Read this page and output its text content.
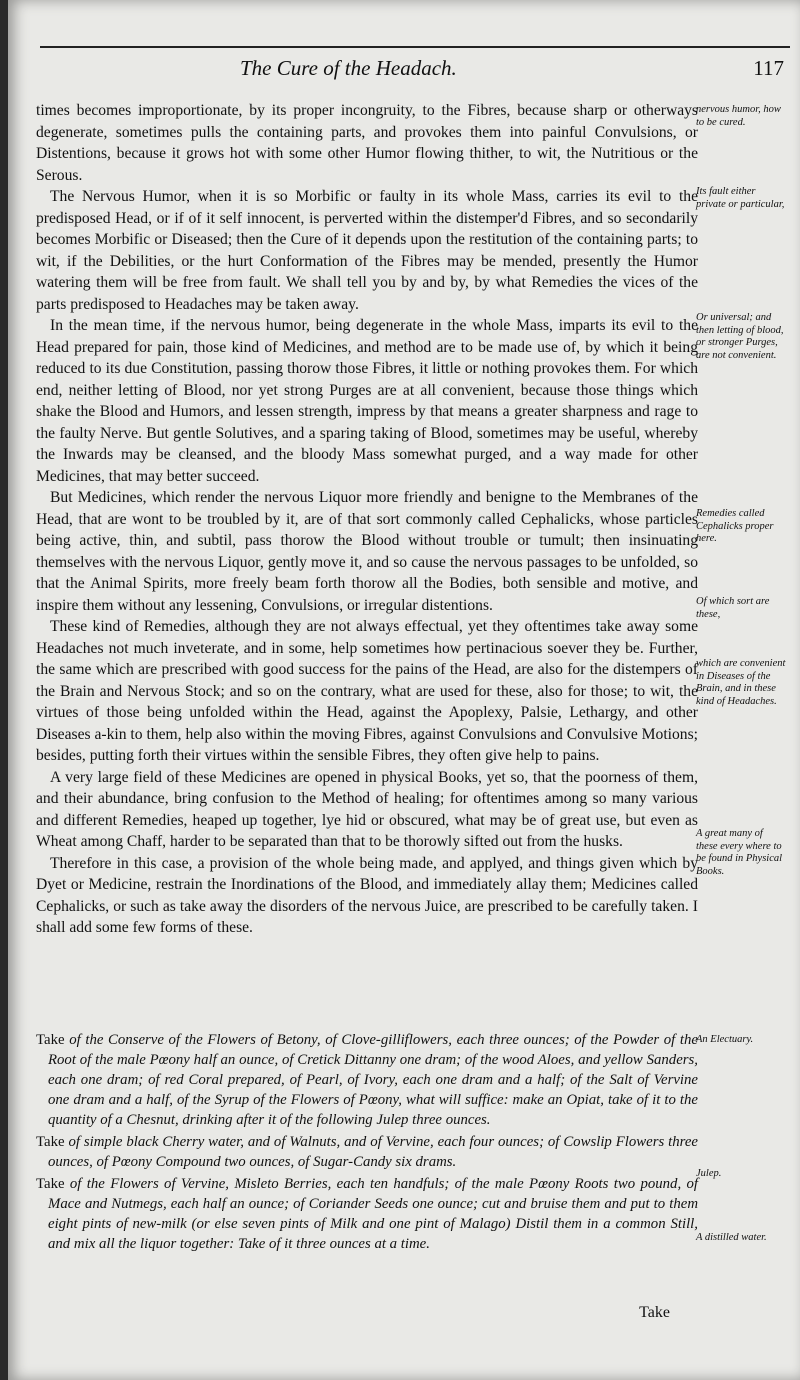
The Cure of the Headach.	117

times becomes improportionate, by its proper incongruity, to the Fibres, because sharp or otherways degenerate, sometimes pulls the containing parts, and provokes them into painful Convulsions, or Distentions, because it grows hot with some other Humor flowing thither, to wit, the Nutritious or the Serous.

The Nervous Humor, when it is so Morbific or faulty in its whole Mass, carries its evil to the predisposed Head, or if of it self innocent, is perverted within the distemper'd Fibres, and so secondarily becomes Morbific or Diseased; then the Cure of it depends upon the restitution of the containing parts; to wit, if the Debilities, or the hurt Conformation of the Fibres may be mended, presently the Humor watering them will be free from fault. We shall tell you by and by, by what Remedies the vices of the parts predisposed to Headaches may be taken away.

In the mean time, if the nervous humor, being degenerate in the whole Mass, imparts its evil to the Head prepared for pain, those kind of Medicines, and method are to be made use of, by which it being reduced to its due Constitution, passing thorow those Fibres, it little or nothing provokes them. For which end, neither letting of Blood, nor yet strong Purges are at all convenient, because those things which shake the Blood and Humors, and lessen strength, impress by that means a greater sharpness and rage to the faulty Nerve. But gentle Solutives, and a sparing taking of Blood, sometimes may be useful, whereby the Inwards may be cleansed, and the bloody Mass somewhat purged, and a way made for other Medicines, that may better succeed.

But Medicines, which render the nervous Liquor more friendly and benigne to the Membranes of the Head, that are wont to be troubled by it, are of that sort commonly called Cephalicks, whose particles being active, thin, and subtil, pass thorow the Blood without trouble or tumult; then insinuating themselves with the nervous Liquor, gently move it, and so cause the nervous passages to be unfolded, so that the Animal Spirits, more freely beam forth thorow all the Bodies, both sensible and motive, and inspire them without any lessening, Convulsions, or irregular distentions.

These kind of Remedies, although they are not always effectual, yet they oftentimes take away some Headaches not much inveterate, and in some, help sometimes how pertinacious soever they be. Further, the same which are prescribed with good success for the pains of the Head, are also for the distempers of the Brain and Nervous Stock; and so on the contrary, what are used for these, also for those; to wit, the virtues of those being unfolded within the Head, against the Apoplexy, Palsie, Lethargy, and other Diseases a-kin to them, help also within the moving Fibres, against Convulsions and Convulsive Motions; besides, putting forth their virtues within the sensible Fibres, they often give help to pains.

A very large field of these Medicines are opened in physical Books, yet so, that the poorness of them, and their abundance, bring confusion to the Method of healing; for oftentimes among so many various and different Remedies, heaped up together, lye hid or obscured, what may be of great use, but even as Wheat among Chaff, harder to be separated than that to be thorowly sifted out from the husks.

Therefore in this case, a provision of the whole being made, and applyed, and things given which by Dyet or Medicine, restrain the Inordinations of the Blood, and immediately allay them; Medicines called Cephalicks, or such as take away the disorders of the nervous Juice, are prescribed to be carefully taken. I shall add some few forms of these.

nervous humor, how to be cured.
Its fault either private or particular,
Or universal; and then letting of blood, or stronger Purges, are not convenient.
Remedies called Cephalicks proper here.
Of which sort are these,
which are convenient in Diseases of the Brain, and in these kind of Headaches.
A great many of these every where to be found in Physical Books.
An Electuary.
Julep.
A distilled water.

Take of the Conserve of the Flowers of Betony, of Clove-gilliflowers, each three ounces; of the Powder of the Root of the male Pœony half an ounce, of Cretick Dittanny one dram; of the wood Aloes, and yellow Sanders, each one dram; of red Coral prepared, of Pearl, of Ivory, each one dram and a half; of the Salt of Vervine one dram and a half, of the Syrup of the Flowers of Pœony, what will suffice: make an Opiat, take of it to the quantity of a Chesnut, drinking after it of the following Julep three ounces.

Take of simple black Cherry water, and of Walnuts, and of Vervine, each four ounces; of Cowslip Flowers three ounces, of Pœony Compound two ounces, of Sugar-Candy six drams.

Take of the Flowers of Vervine, Misleto Berries, each ten handfuls; of the male Pœony Roots two pound, of Mace and Nutmegs, each half an ounce; of Coriander Seeds one ounce; cut and bruise them and put to them eight pints of new-milk (or else seven pints of Milk and one pint of Malago) Distil them in a common Still, and mix all the liquor together: Take of it three ounces at a time.

Take
